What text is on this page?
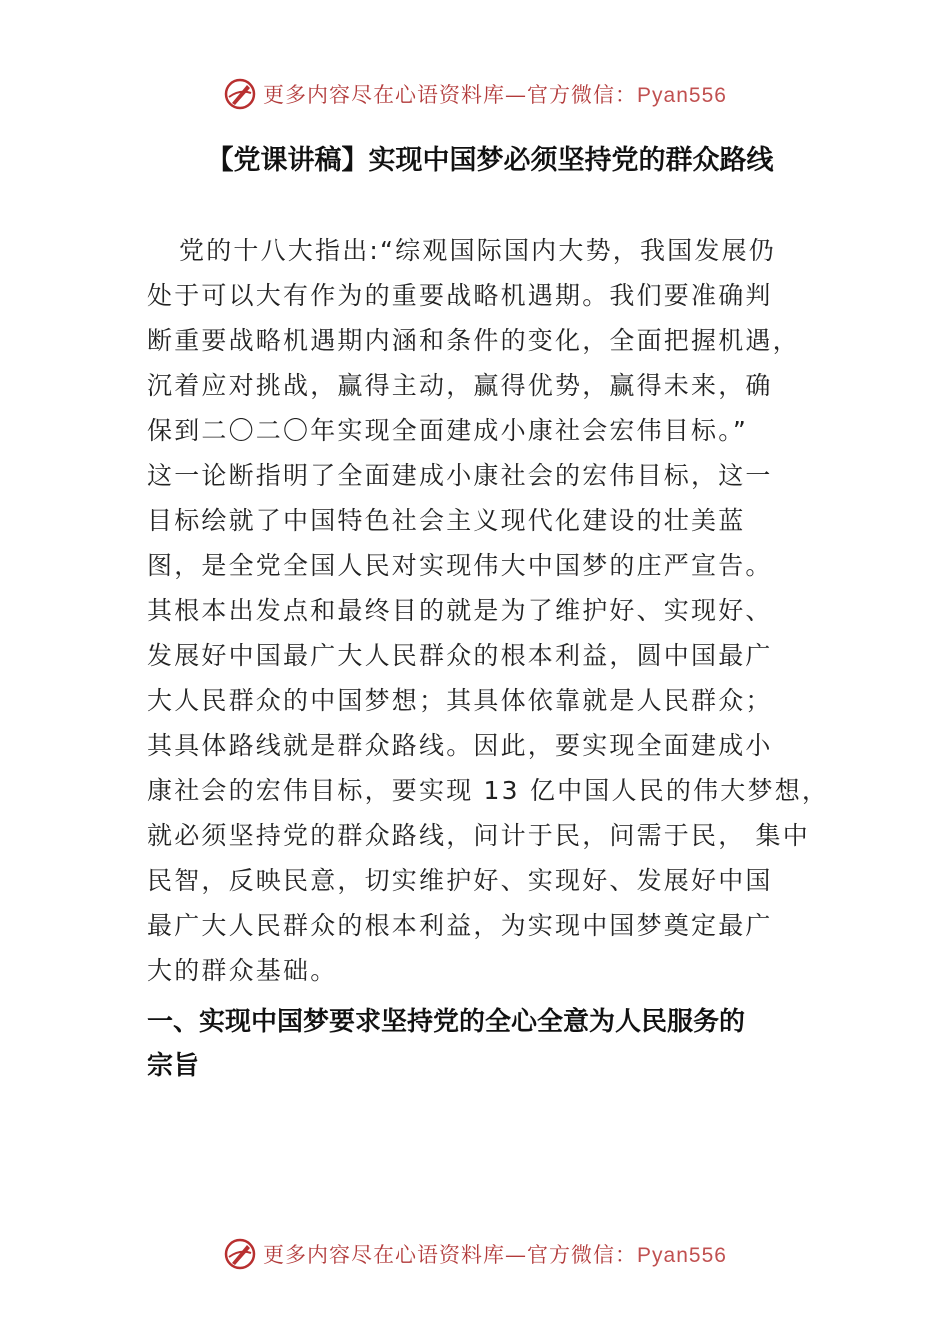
更多内容尽在心语资料库—官方微信：Pyan556
【党课讲稿】实现中国梦必须坚持党的群众路线
党的十八大指出:“综观国际国内大势，我国发展仍
处于可以大有作为的重要战略机遇期。我们要准确判
断重要战略机遇期内涵和条件的变化，全面把握机遇，
沉着应对挑战，赢得主动，赢得优势，赢得未来，确
保到二〇二〇年实现全面建成小康社会宏伟目标。”
这一论断指明了全面建成小康社会的宏伟目标，这一
目标绘就了中国特色社会主义现代化建设的壮美蓝
图，是全党全国人民对实现伟大中国梦的庄严宣告。
其根本出发点和最终目的就是为了维护好、实现好、
发展好中国最广大人民群众的根本利益，圆中国最广
大人民群众的中国梦想；其具体依靠就是人民群众；
其具体路线就是群众路线。因此，要实现全面建成小
康社会的宏伟目标，要实现 13 亿中国人民的伟大梦想，
就必须坚持党的群众路线，问计于民，问需于民， 集中
民智，反映民意，切实维护好、实现好、发展好中国
最广大人民群众的根本利益，为实现中国梦奠定最广
大的群众基础。
一、实现中国梦要求坚持党的全心全意为人民服务的
宗旨
更多内容尽在心语资料库—官方微信：Pyan556
